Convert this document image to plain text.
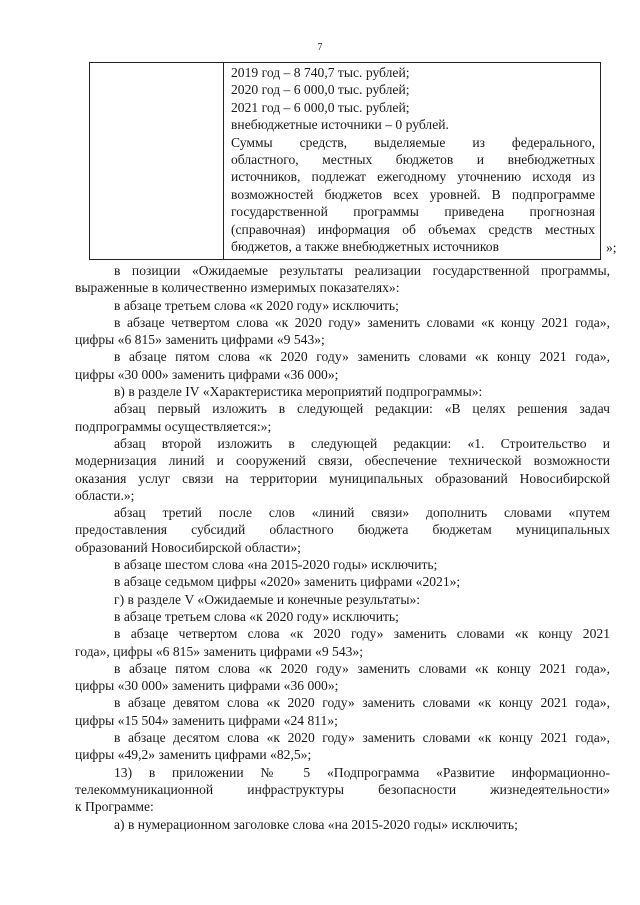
7
2019 год – 8 740,7 тыс. рублей;
2020 год – 6 000,0 тыс. рублей;
2021 год – 6 000,0 тыс. рублей;
внебюджетные источники – 0 рублей.
Суммы средств, выделяемые из федерального,
областного, местных бюджетов и внебюджетных
источников, подлежат ежегодному уточнению исходя из
возможностей бюджетов всех уровней. В подпрограмме
государственной программы приведена прогнозная
(справочная) информация об объемах средств местных
бюджетов, а также внебюджетных источников	»;
в позиции «Ожидаемые результаты реализации государственной программы,
выраженные в количественно измеримых показателях»:
в абзаце третьем слова «к 2020 году» исключить;
в абзаце четвертом слова «к 2020 году» заменить словами «к концу 2021 года»,
цифры «6 815» заменить цифрами «9 543»;
в абзаце пятом слова «к 2020 году» заменить словами «к концу 2021 года»,
цифры «30 000» заменить цифрами «36 000»;
в) в разделе IV «Характеристика мероприятий подпрограммы»:
абзац первый изложить в следующей редакции: «В целях решения задач
подпрограммы осуществляется:»;
абзац второй изложить в следующей редакции: «1. Строительство и
модернизация линий и сооружений связи, обеспечение технической возможности
оказания услуг связи на территории муниципальных образований Новосибирской
области.»;
абзац третий после слов «линий связи» дополнить словами «путем
предоставления субсидий областного бюджета бюджетам муниципальных
образований Новосибирской области»;
в абзаце шестом слова «на 2015-2020 годы» исключить;
в абзаце седьмом цифры «2020» заменить цифрами «2021»;
г) в разделе V «Ожидаемые и конечные результаты»:
в абзаце третьем слова «к 2020 году» исключить;
в абзаце четвертом слова «к 2020 году» заменить словами «к концу 2021
года», цифры «6 815» заменить цифрами «9 543»;
в абзаце пятом слова «к 2020 году» заменить словами «к концу 2021 года»,
цифры «30 000» заменить цифрами «36 000»;
в абзаце девятом слова «к 2020 году» заменить словами «к концу 2021 года»,
цифры «15 504» заменить цифрами «24 811»;
в абзаце десятом слова «к 2020 году» заменить словами «к концу 2021 года»,
цифры «49,2» заменить цифрами «82,5»;
13) в приложении № 5 «Подпрограмма «Развитие информационно-
телекоммуникационной инфраструктуры безопасности жизнедеятельности»
к Программе:
а) в нумерационном заголовке слова «на 2015-2020 годы» исключить;
